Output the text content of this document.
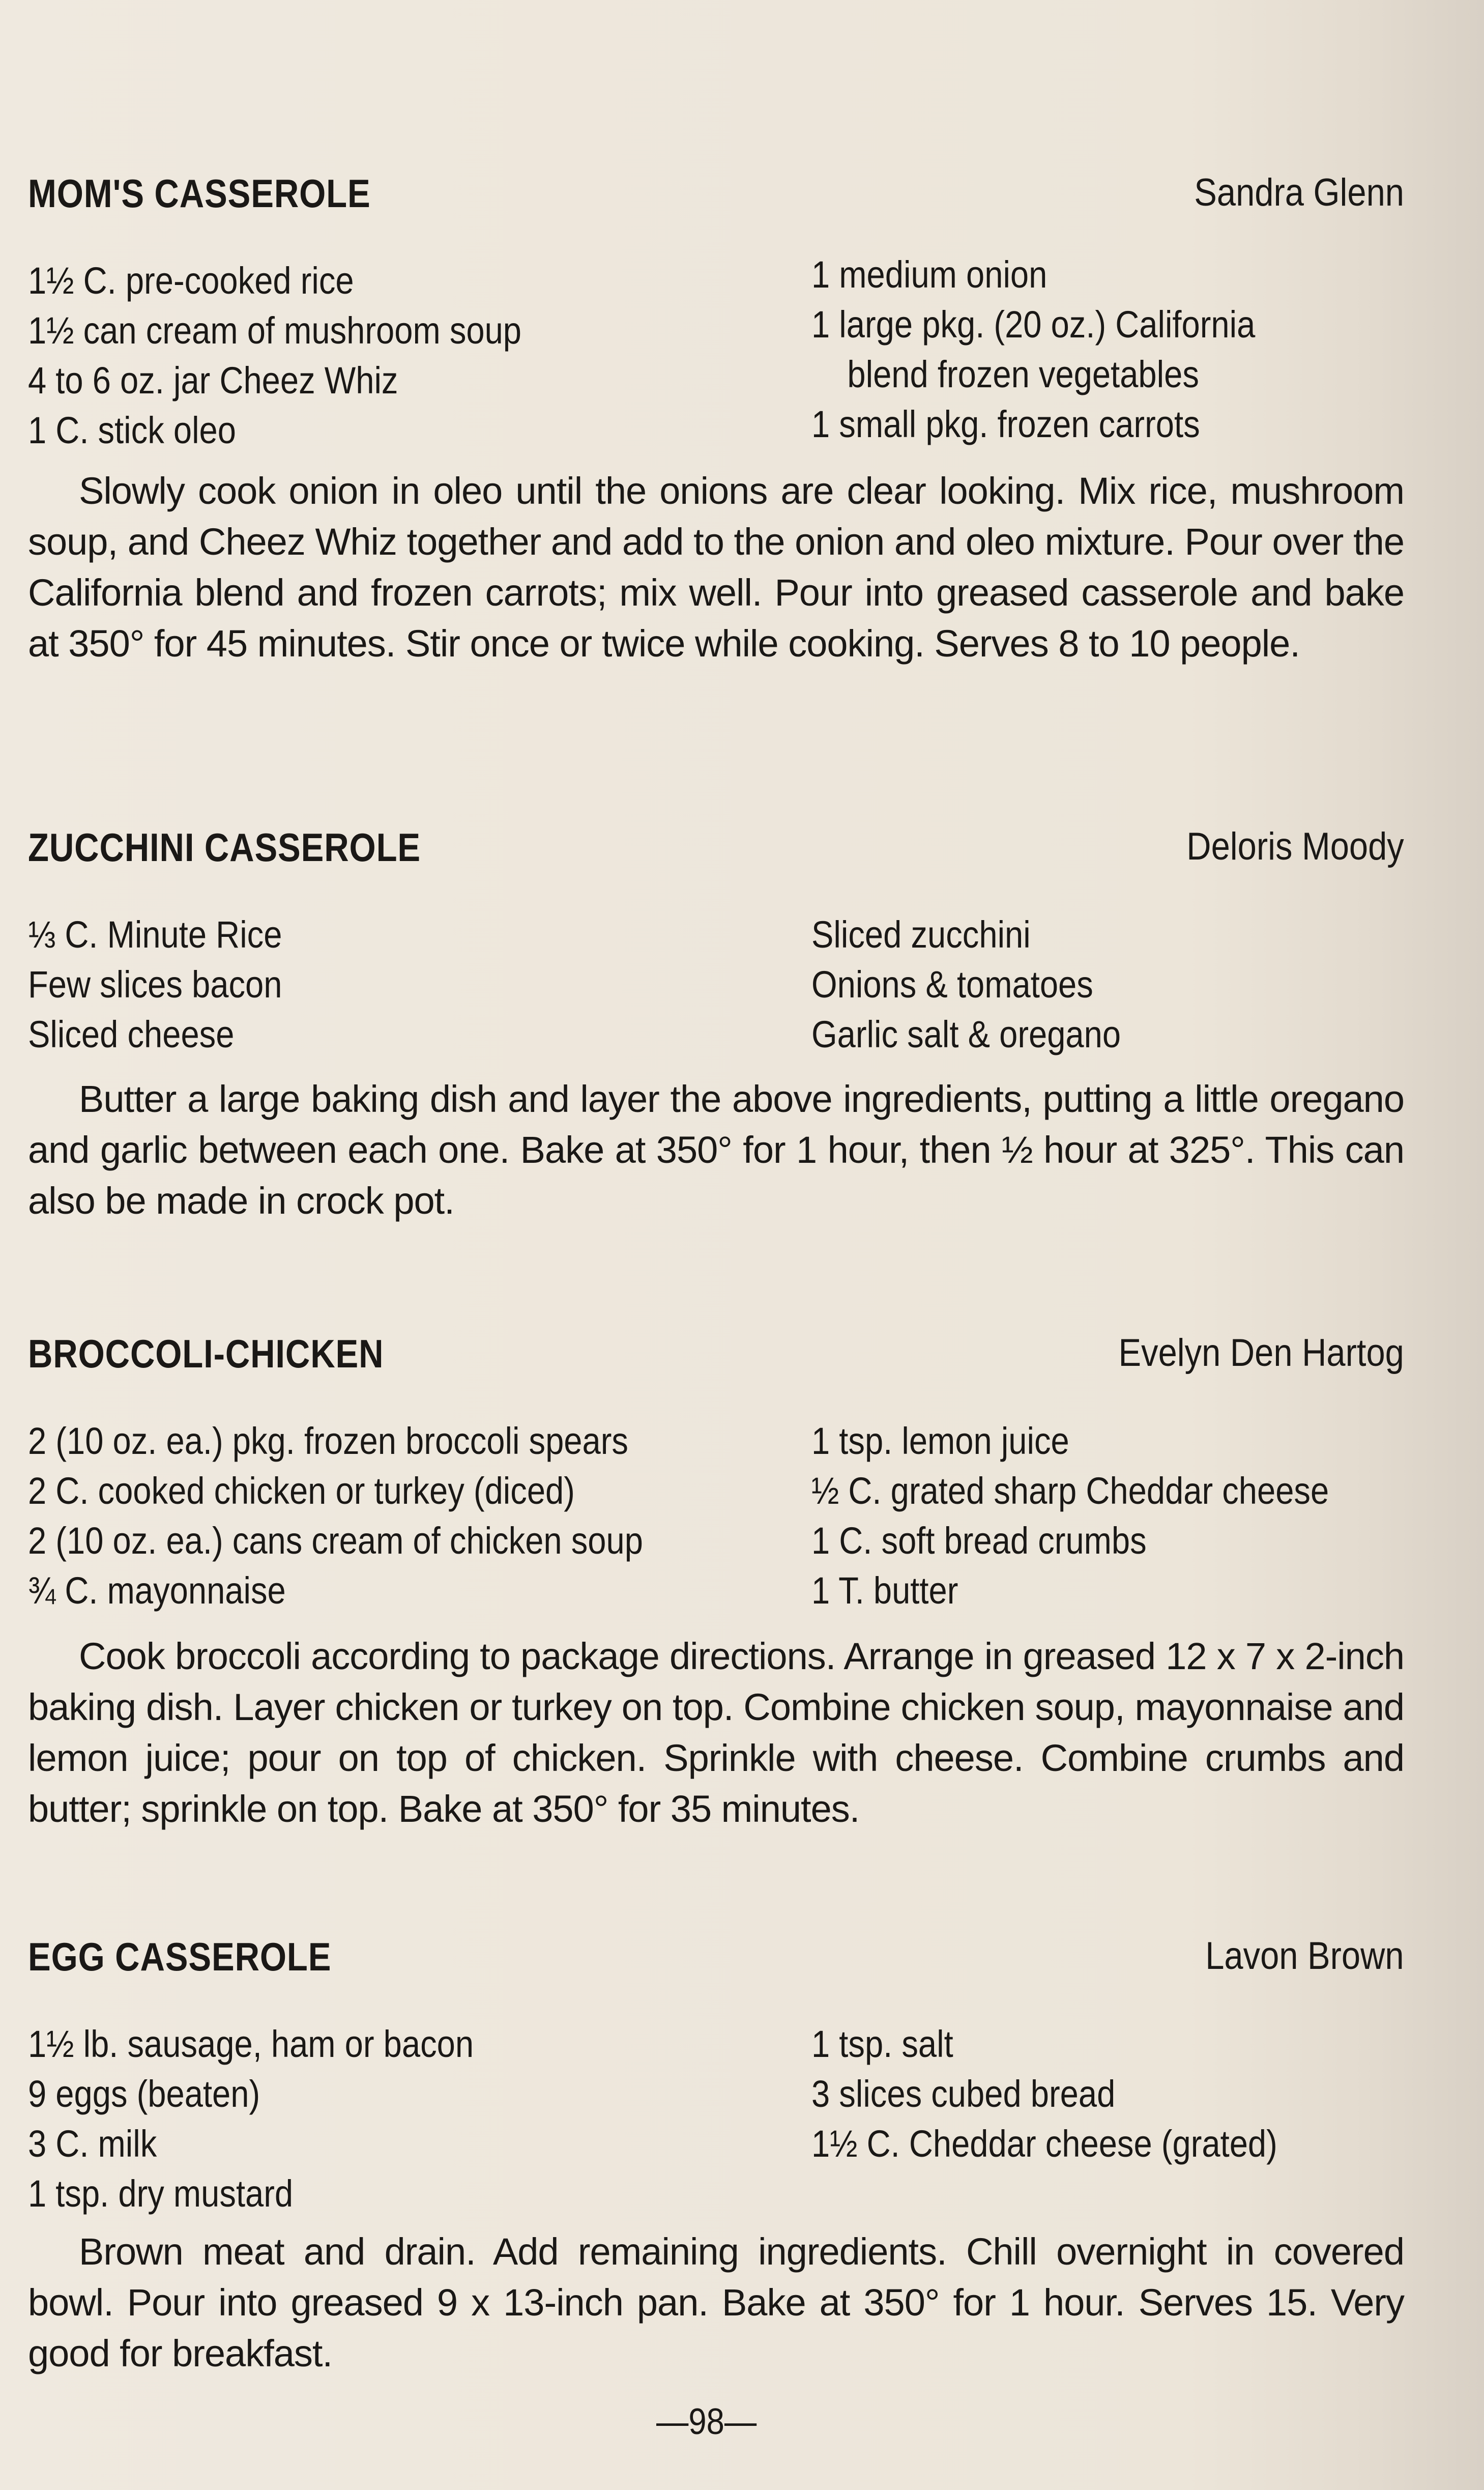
MOM'S CASSEROLE	Sandra Glenn
1½ C. pre-cooked rice
1½ can cream of mushroom soup
4 to 6 oz. jar Cheez Whiz
1 C. stick oleo
1 medium onion
1 large pkg. (20 oz.) California
blend frozen vegetables
1 small pkg. frozen carrots
Slowly cook onion in oleo until the onions are clear looking. Mix rice, mushroom soup, and Cheez Whiz together and add to the onion and oleo mixture. Pour over the California blend and frozen carrots; mix well. Pour into greased casserole and bake at 350° for 45 minutes. Stir once or twice while cooking. Serves 8 to 10 people.
ZUCCHINI CASSEROLE	Deloris Moody
⅓ C. Minute Rice
Few slices bacon
Sliced cheese
Sliced zucchini
Onions & tomatoes
Garlic salt & oregano
Butter a large baking dish and layer the above ingredients, putting a little oregano and garlic between each one. Bake at 350° for 1 hour, then ½ hour at 325°. This can also be made in crock pot.
BROCCOLI-CHICKEN	Evelyn Den Hartog
2 (10 oz. ea.) pkg. frozen broccoli spears
2 C. cooked chicken or turkey (diced)
2 (10 oz. ea.) cans cream of chicken soup
¾ C. mayonnaise
1 tsp. lemon juice
½ C. grated sharp Cheddar cheese
1 C. soft bread crumbs
1 T. butter
Cook broccoli according to package directions. Arrange in greased 12 x 7 x 2-inch baking dish. Layer chicken or turkey on top. Combine chicken soup, mayonnaise and lemon juice; pour on top of chicken. Sprinkle with cheese. Combine crumbs and butter; sprinkle on top. Bake at 350° for 35 minutes.
EGG CASSEROLE	Lavon Brown
1½ lb. sausage, ham or bacon
9 eggs (beaten)
3 C. milk
1 tsp. dry mustard
1 tsp. salt
3 slices cubed bread
1½ C. Cheddar cheese (grated)
Brown meat and drain. Add remaining ingredients. Chill overnight in covered bowl. Pour into greased 9 x 13-inch pan. Bake at 350° for 1 hour. Serves 15. Very good for breakfast.
—98—
